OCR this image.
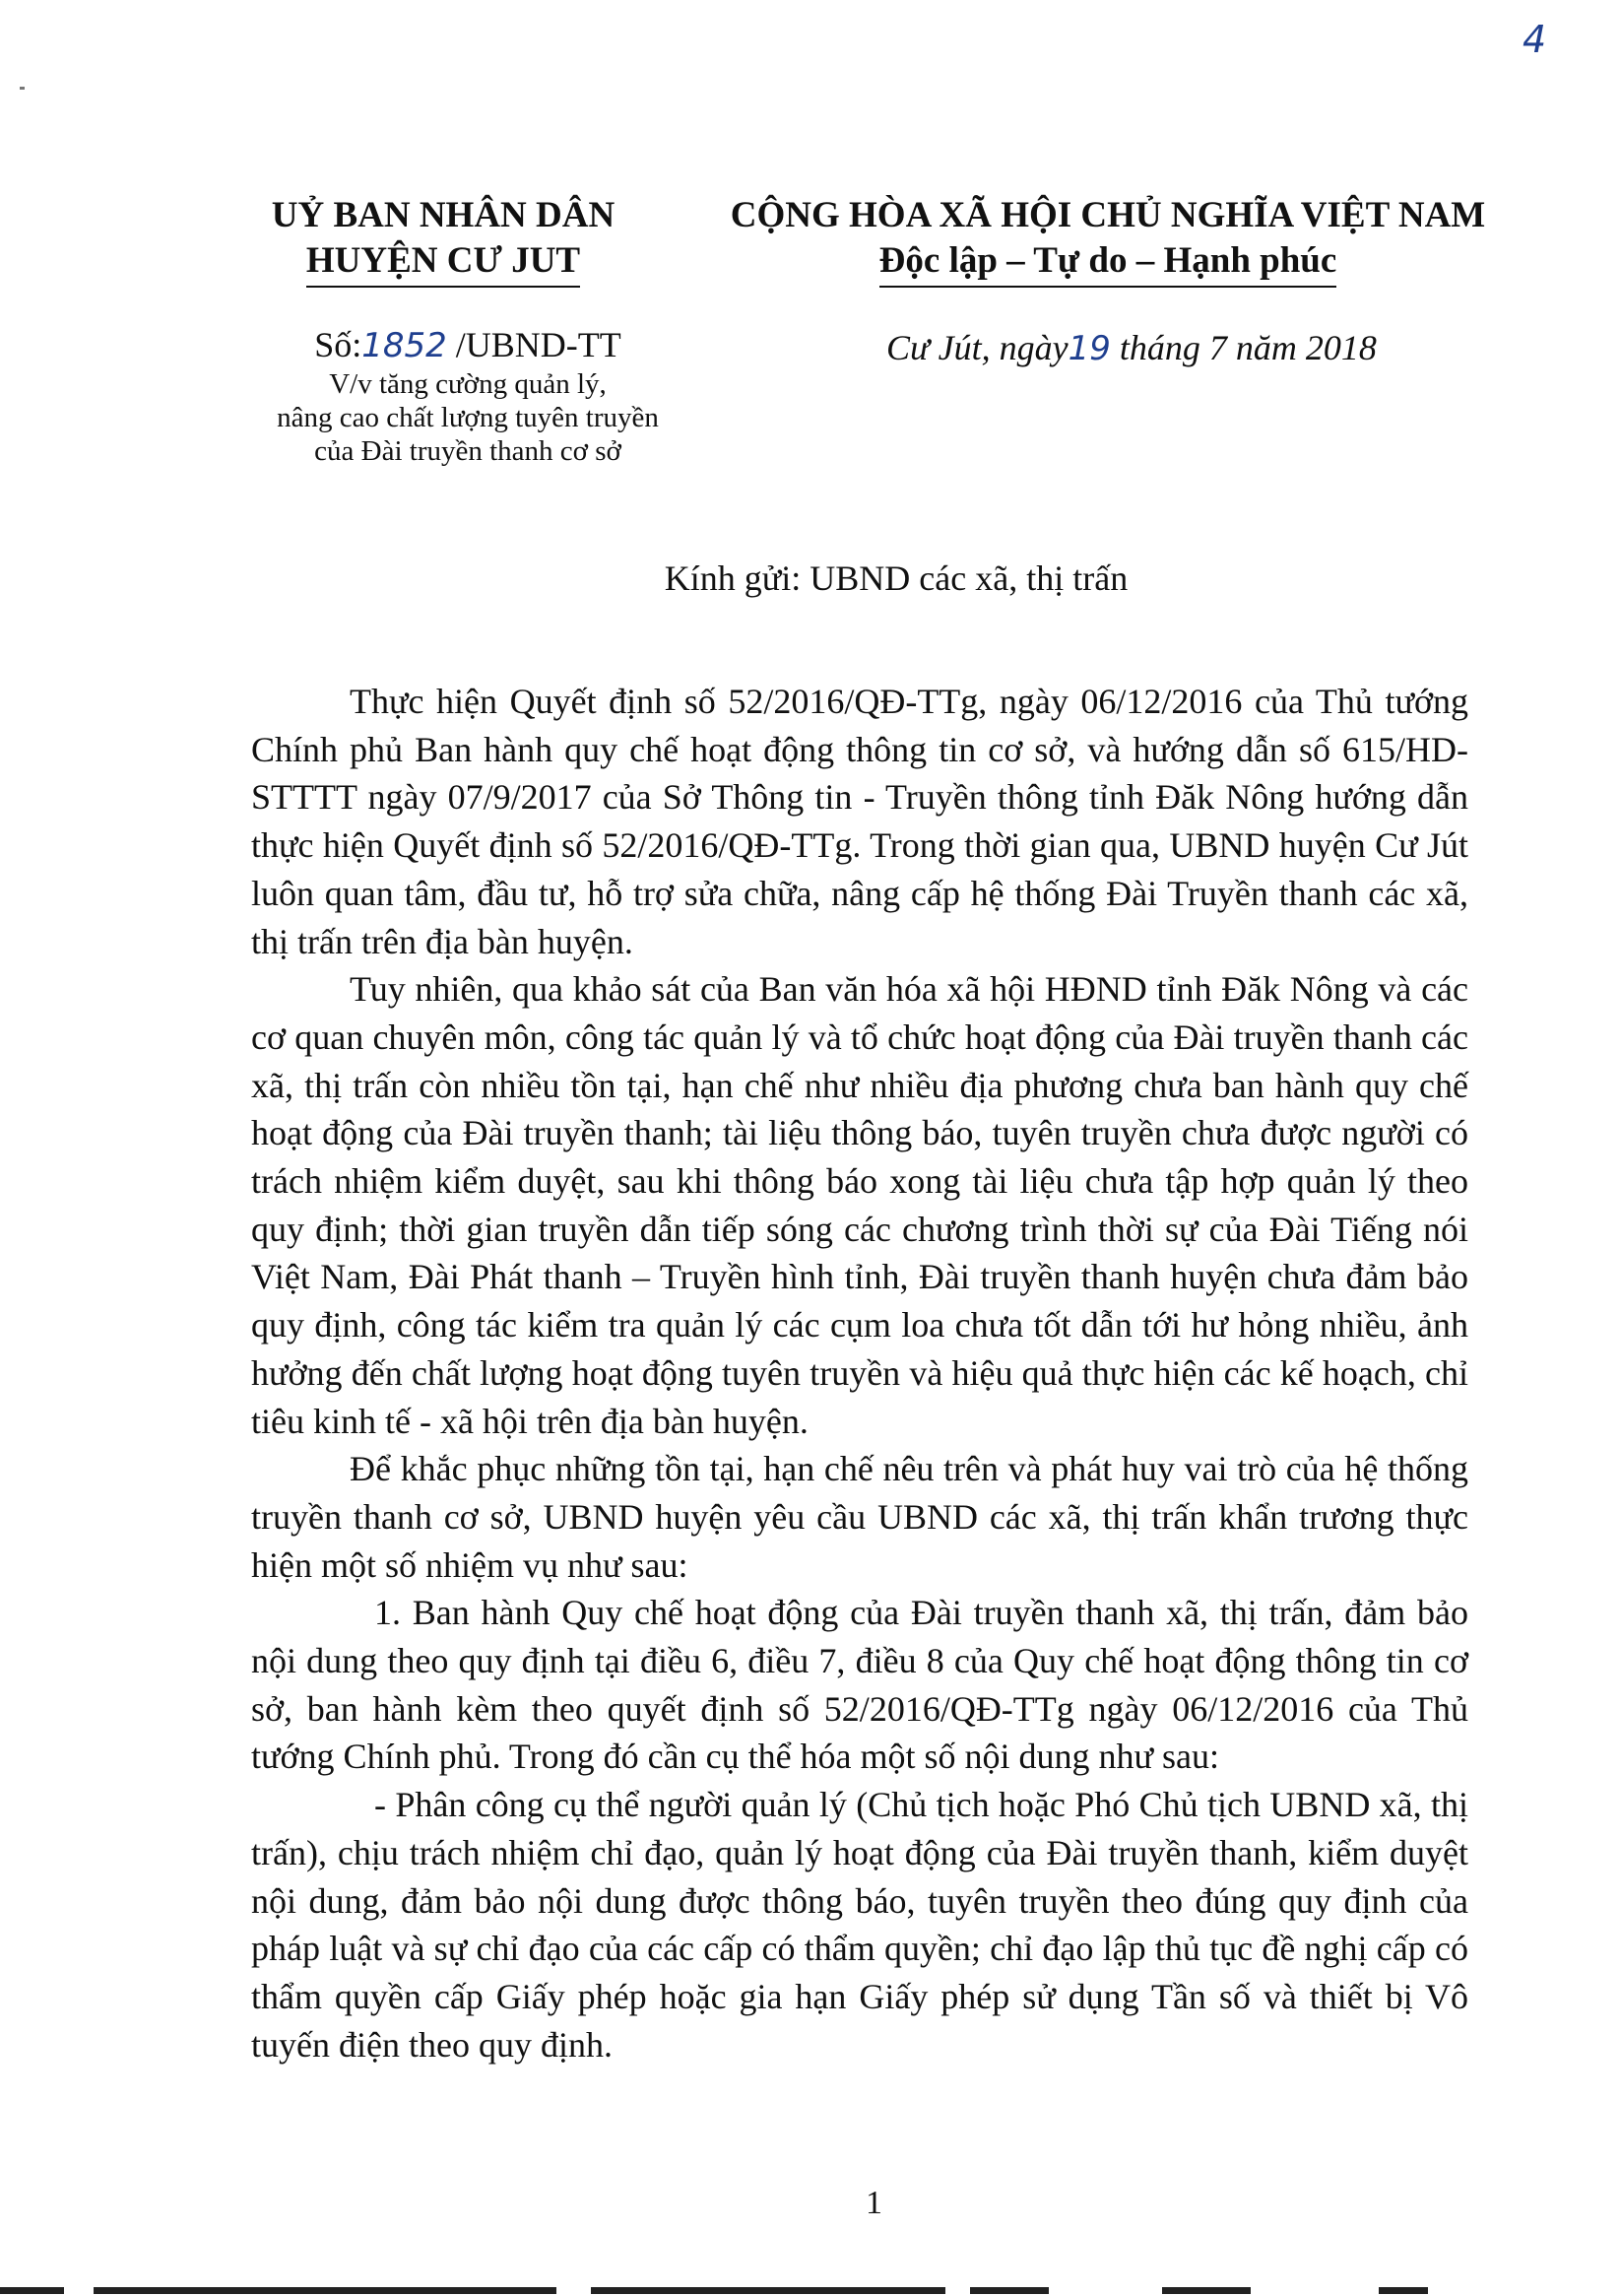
4
UỶ BAN NHÂN DÂN
HUYỆN CƯ JUT
CỘNG HÒA XÃ HỘI CHỦ NGHĨA VIỆT NAM
Độc lập – Tự do – Hạnh phúc
Số:1852 /UBND-TT
V/v tăng cường quản lý,
nâng cao chất lượng tuyên truyền
của Đài truyền thanh cơ sở
Cư Jút, ngày19 tháng 7 năm 2018
Kính gửi: UBND các xã, thị trấn

Thực hiện Quyết định số 52/2016/QĐ-TTg, ngày 06/12/2016 của Thủ tướng Chính phủ Ban hành quy chế hoạt động thông tin cơ sở, và hướng dẫn số 615/HD-STTTT ngày 07/9/2017 của Sở Thông tin - Truyền thông tỉnh Đăk Nông hướng dẫn thực hiện Quyết định số 52/2016/QĐ-TTg. Trong thời gian qua, UBND huyện Cư Jút luôn quan tâm, đầu tư, hỗ trợ sửa chữa, nâng cấp hệ thống Đài Truyền thanh các xã, thị trấn trên địa bàn huyện.

Tuy nhiên, qua khảo sát của Ban văn hóa xã hội HĐND tỉnh Đăk Nông và các cơ quan chuyên môn, công tác quản lý và tổ chức hoạt động của Đài truyền thanh các xã, thị trấn còn nhiều tồn tại, hạn chế như nhiều địa phương chưa ban hành quy chế hoạt động của Đài truyền thanh; tài liệu thông báo, tuyên truyền chưa được người có trách nhiệm kiểm duyệt, sau khi thông báo xong tài liệu chưa tập hợp quản lý theo quy định; thời gian truyền dẫn tiếp sóng các chương trình thời sự của Đài Tiếng nói Việt Nam, Đài Phát thanh – Truyền hình tỉnh, Đài truyền thanh huyện chưa đảm bảo quy định, công tác kiểm tra quản lý các cụm loa chưa tốt dẫn tới hư hỏng nhiều, ảnh hưởng đến chất lượng hoạt động tuyên truyền và hiệu quả thực hiện các kế hoạch, chỉ tiêu kinh tế - xã hội trên địa bàn huyện.

Để khắc phục những tồn tại, hạn chế nêu trên và phát huy vai trò của hệ thống truyền thanh cơ sở, UBND huyện yêu cầu UBND các xã, thị trấn khẩn trương thực hiện một số nhiệm vụ như sau:

1. Ban hành Quy chế hoạt động của Đài truyền thanh xã, thị trấn, đảm bảo nội dung theo quy định tại điều 6, điều 7, điều 8 của Quy chế hoạt động thông tin cơ sở, ban hành kèm theo quyết định số 52/2016/QĐ-TTg ngày 06/12/2016 của Thủ tướng Chính phủ. Trong đó cần cụ thể hóa một số nội dung như sau:

- Phân công cụ thể người quản lý (Chủ tịch hoặc Phó Chủ tịch UBND xã, thị trấn), chịu trách nhiệm chỉ đạo, quản lý hoạt động của Đài truyền thanh, kiểm duyệt nội dung, đảm bảo nội dung được thông báo, tuyên truyền theo đúng quy định của pháp luật và sự chỉ đạo của các cấp có thẩm quyền; chỉ đạo lập thủ tục đề nghị cấp có thẩm quyền cấp Giấy phép hoặc gia hạn Giấy phép sử dụng Tần số và thiết bị Vô tuyến điện theo quy định.

1
